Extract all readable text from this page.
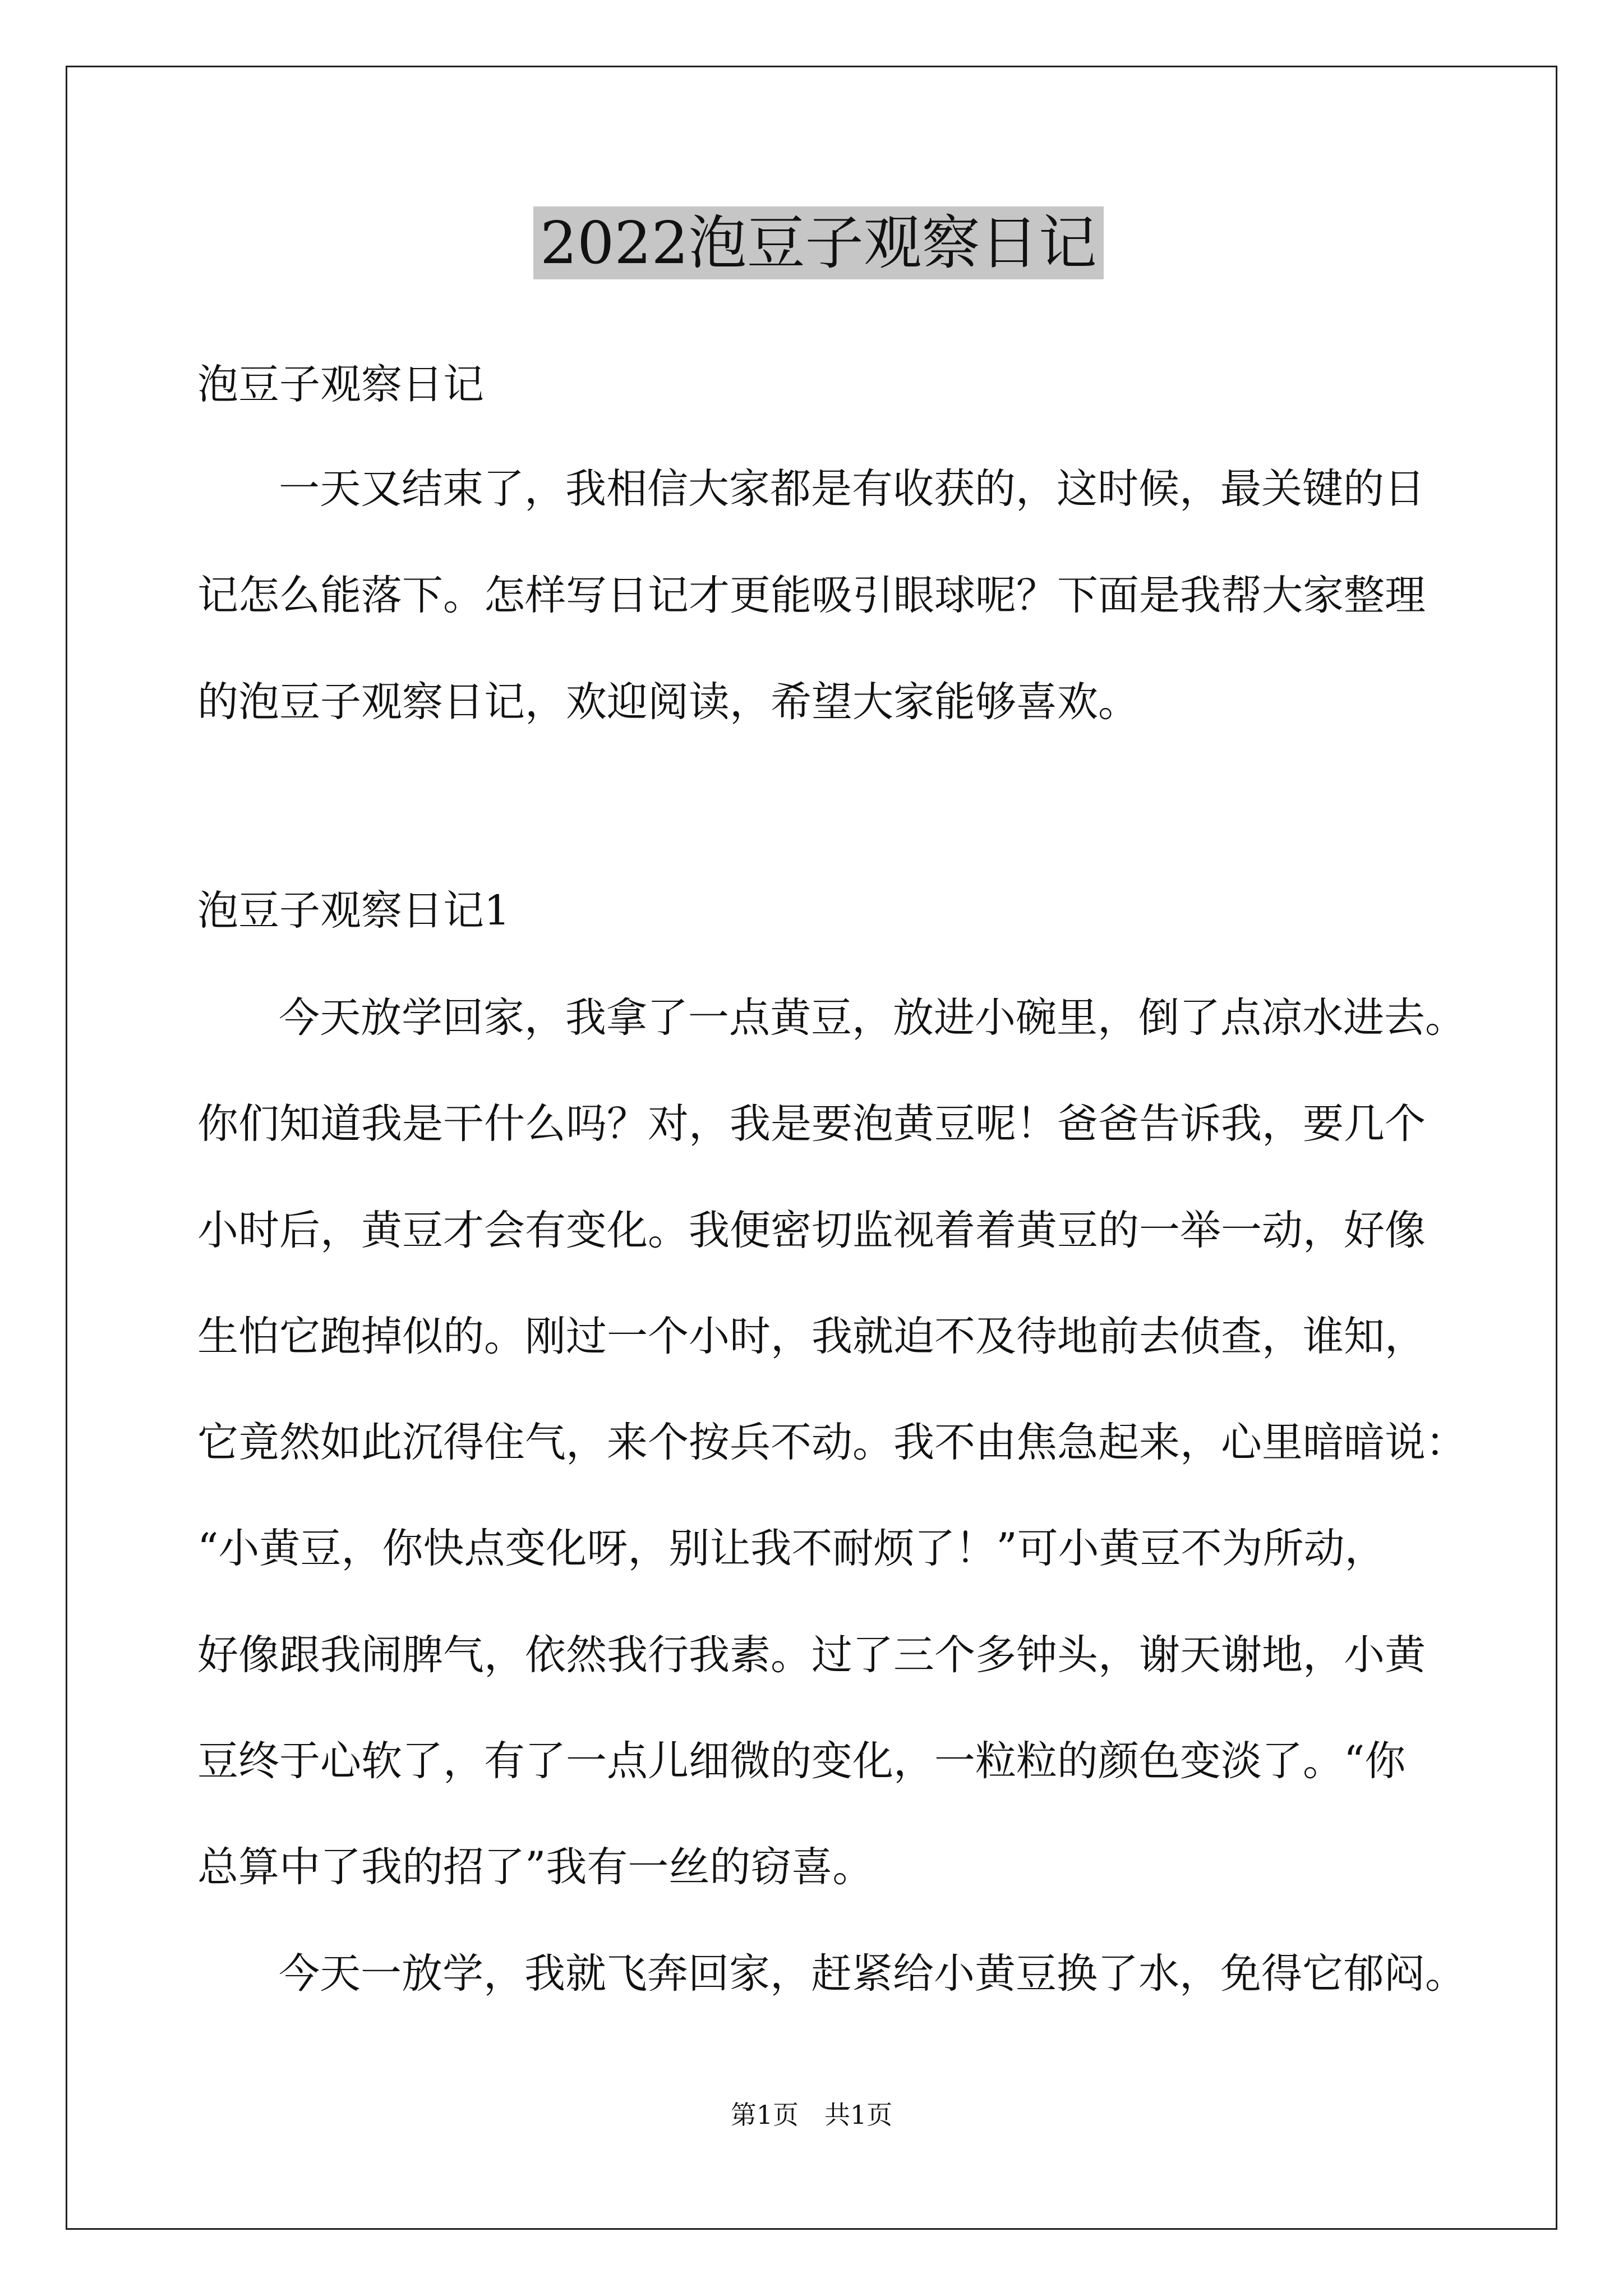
2022泡豆子观察日记
泡豆子观察日记
一天又结束了，我相信大家都是有收获的，这时候，最关键的日
记怎么能落下。怎样写日记才更能吸引眼球呢？下面是我帮大家整理
的泡豆子观察日记，欢迎阅读，希望大家能够喜欢。
泡豆子观察日记1
今天放学回家，我拿了一点黄豆，放进小碗里，倒了点凉水进去。
你们知道我是干什么吗？对，我是要泡黄豆呢！爸爸告诉我，要几个
小时后，黄豆才会有变化。我便密切监视着着黄豆的一举一动，好像
生怕它跑掉似的。刚过一个小时，我就迫不及待地前去侦查，谁知，
它竟然如此沉得住气，来个按兵不动。我不由焦急起来，心里暗暗说：
“小黄豆，你快点变化呀，别让我不耐烦了！”可小黄豆不为所动，
好像跟我闹脾气，依然我行我素。过了三个多钟头，谢天谢地，小黄
豆终于心软了，有了一点儿细微的变化，一粒粒的颜色变淡了。“你
总算中了我的招了”我有一丝的窃喜。
今天一放学，我就飞奔回家，赶紧给小黄豆换了水，免得它郁闷。
第1页　共1页
